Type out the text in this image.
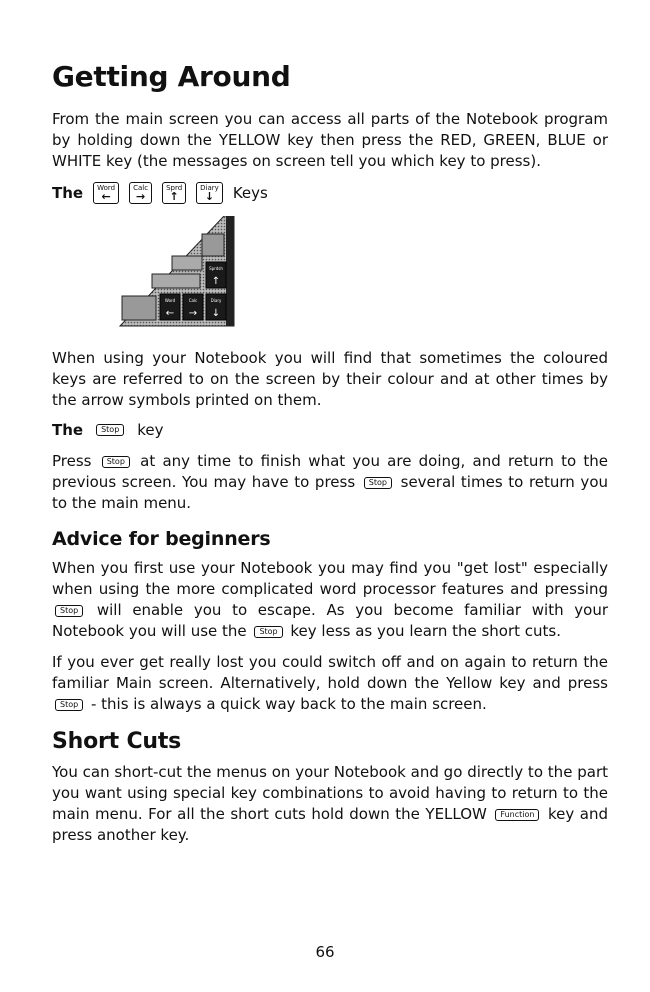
Getting Around

From the main screen you can access all parts of the Notebook program by holding down the YELLOW key then press the RED, GREEN, BLUE or WHITE key (the messages on screen tell you which key to press).

The	Word
←
Calc
→
Sprd
↑
Diary
↓	Keys
Sprdsh
↑
Word
←
Calc
→
Diary
↓

When using your Notebook you will find that sometimes the coloured keys are referred to on the screen by their colour and at other times by the arrow symbols printed on them.

The	Stop	key

Press Stop at any time to finish what you are doing, and return to the previous screen. You may have to press Stop several times to return you to the main menu.

Advice for beginners

When you first use your Notebook you may find you "get lost" especially when using the more complicated word processor features and pressing Stop will enable you to escape. As you become familiar with your Notebook you will use the Stop key less as you learn the short cuts.

If you ever get really lost you could switch off and on again to return the familiar Main screen. Alternatively, hold down the Yellow key and press Stop - this is always a quick way back to the main screen.

Short Cuts

You can short-cut the menus on your Notebook and go directly to the part you want using special key combinations to avoid having to return to the main menu. For all the short cuts hold down the YELLOW Function key and press another key.

66
